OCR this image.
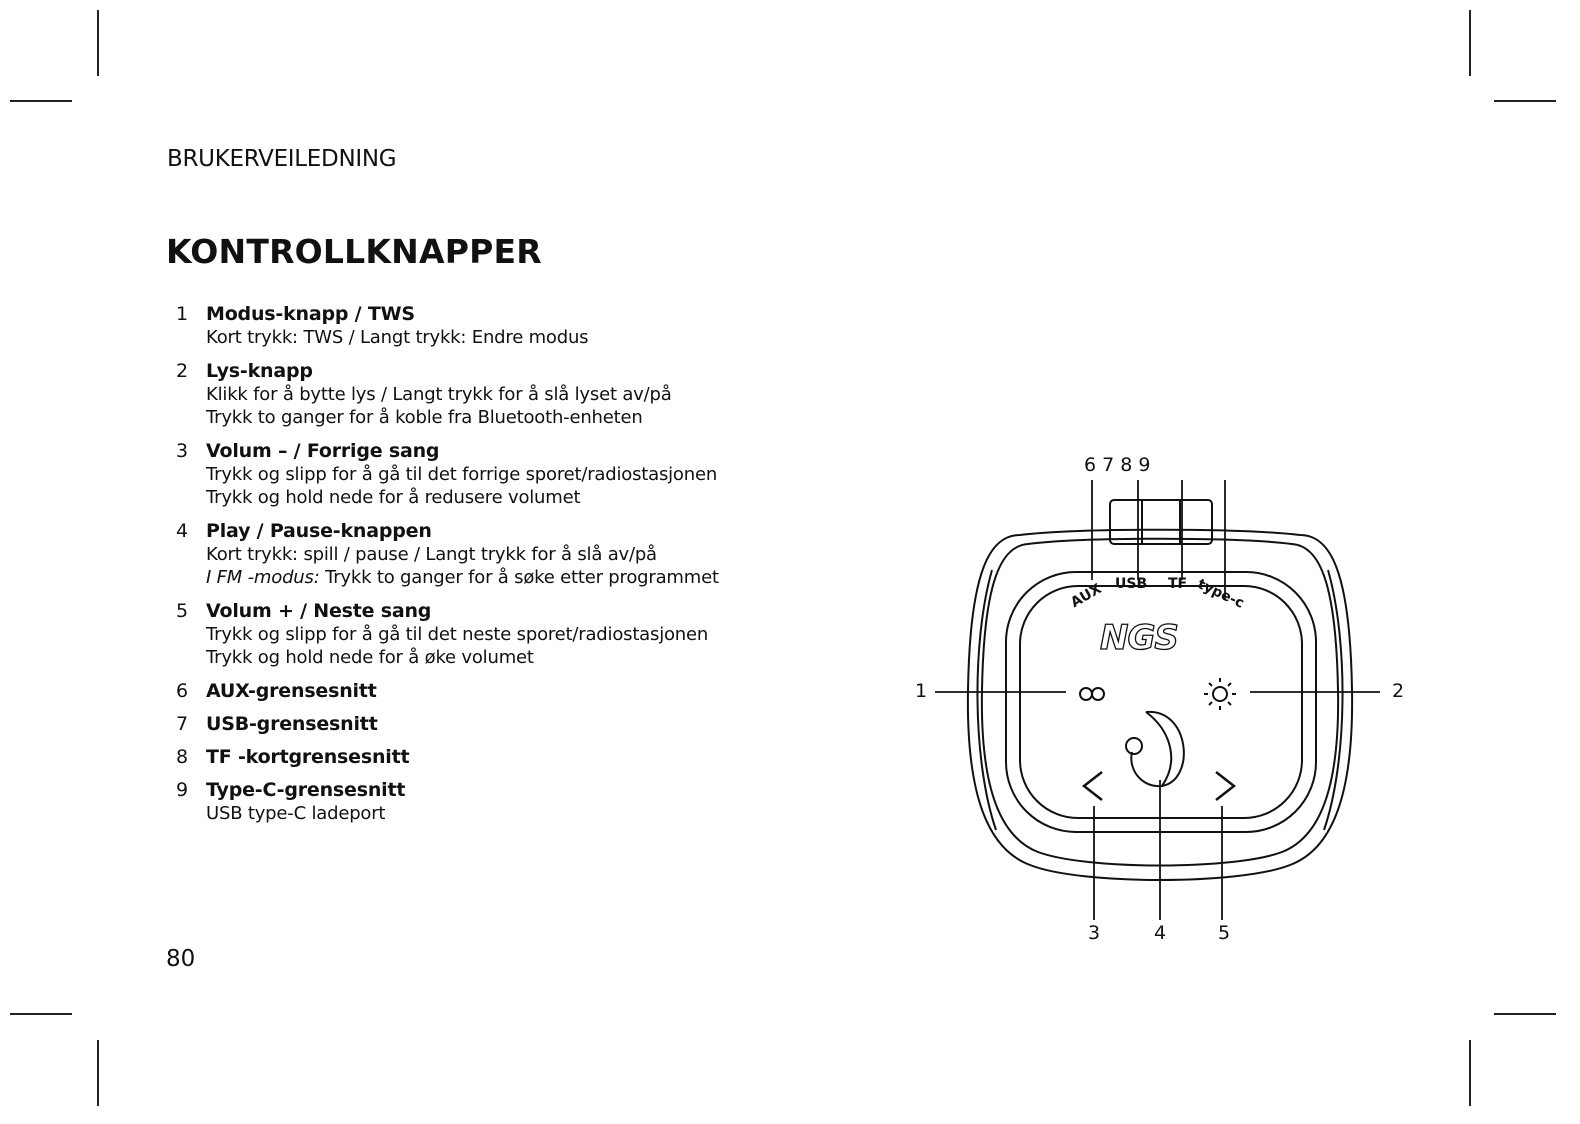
BRUKERVEILEDNING
KONTROLLKNAPPER
1 Modus-knapp / TWS
Kort trykk: TWS / Langt trykk: Endre modus
2 Lys-knapp
Klikk for å bytte lys / Langt trykk for å slå lyset av/på
Trykk to ganger for å koble fra Bluetooth-enheten
3 Volum – / Forrige sang
Trykk og slipp for å gå til det forrige sporet/radiostasjonen
Trykk og hold nede for å redusere volumet
4 Play / Pause-knappen
Kort trykk: spill / pause / Langt trykk for å slå av/på
I FM -modus: Trykk to ganger for å søke etter programmet
5 Volum + / Neste sang
Trykk og slipp for å gå til det neste sporet/radiostasjonen
Trykk og hold nede for å øke volumet
6 AUX-grensesnitt
7 USB-grensesnitt
8 TF -kortgrensesnitt
9 Type-C-grensesnitt
USB type-C ladeport
6 7 8 9
1	2
3	4	5
AUX USB TF type-c
NGS
80
